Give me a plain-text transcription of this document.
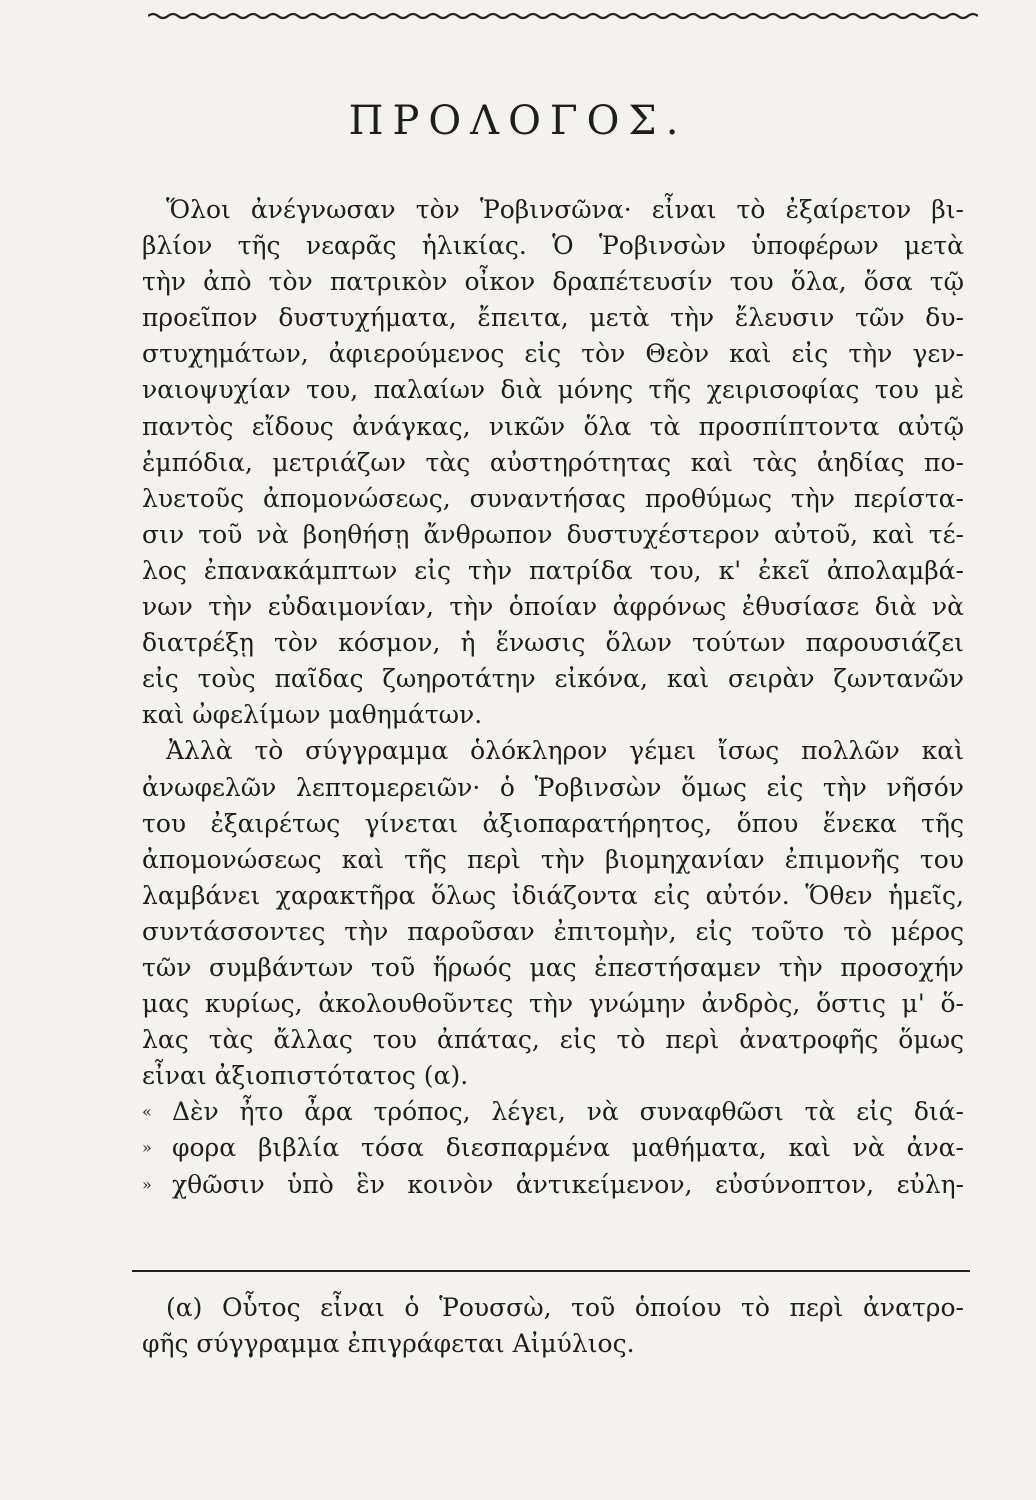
ΠΡΟΛΟΓΟΣ.
Ὅλοι ἀνέγνωσαν τὸν Ῥοβινσῶνα· εἶναι τὸ ἐξαίρετον βι-
βλίον τῆς νεαρᾶς ἡλικίας. Ὁ Ῥοβινσὼν ὑποφέρων μετὰ
τὴν ἀπὸ τὸν πατρικὸν οἶκον δραπέτευσίν του ὅλα, ὅσα τῷ
προεῖπον δυστυχήματα, ἔπειτα, μετὰ τὴν ἔλευσιν τῶν δυ-
στυχημάτων, ἀφιερούμενος εἰς τὸν Θεὸν καὶ εἰς τὴν γεν-
ναιοψυχίαν του, παλαίων διὰ μόνης τῆς χειρισοφίας του μὲ
παντὸς εἴδους ἀνάγκας, νικῶν ὅλα τὰ προσπίπτοντα αὐτῷ
ἐμπόδια, μετριάζων τὰς αὐστηρότητας καὶ τὰς ἀηδίας πο-
λυετοῦς ἀπομονώσεως, συναντήσας προθύμως τὴν περίστα-
σιν τοῦ νὰ βοηθήσῃ ἄνθρωπον δυστυχέστερον αὐτοῦ, καὶ τέ-
λος ἐπανακάμπτων εἰς τὴν πατρίδα του, κ' ἐκεῖ ἀπολαμβά-
νων τὴν εὐδαιμονίαν, τὴν ὁποίαν ἀφρόνως ἐθυσίασε διὰ νὰ
διατρέξῃ τὸν κόσμον, ἡ ἕνωσις ὅλων τούτων παρουσιάζει
εἰς τοὺς παῖδας ζωηροτάτην εἰκόνα, καὶ σειρὰν ζωντανῶν
καὶ ὠφελίμων μαθημάτων.
Ἀλλὰ τὸ σύγγραμμα ὁλόκληρον γέμει ἴσως πολλῶν καὶ
ἀνωφελῶν λεπτομερειῶν· ὁ Ῥοβινσὼν ὅμως εἰς τὴν νῆσόν
του ἐξαιρέτως γίνεται ἀξιοπαρατήρητος, ὅπου ἕνεκα τῆς
ἀπομονώσεως καὶ τῆς περὶ τὴν βιομηχανίαν ἐπιμονῆς του
λαμβάνει χαρακτῆρα ὅλως ἰδιάζοντα εἰς αὐτόν. Ὅθεν ἡμεῖς,
συντάσσοντες τὴν παροῦσαν ἐπιτομὴν, εἰς τοῦτο τὸ μέρος
τῶν συμβάντων τοῦ ἥρωός μας ἐπεστήσαμεν τὴν προσοχήν
μας κυρίως, ἀκολουθοῦντες τὴν γνώμην ἀνδρὸς, ὅστις μ' ὅ-
λας τὰς ἄλλας του ἀπάτας, εἰς τὸ περὶ ἀνατροφῆς ὅμως
εἶναι ἀξιοπιστότατος (α).
« Δὲν ἦτο ἆρα τρόπος, λέγει, νὰ συναφθῶσι τὰ εἰς διά-
» φορα βιβλία τόσα διεσπαρμένα μαθήματα, καὶ νὰ ἀνα-
» χθῶσιν ὑπὸ ἓν κοινὸν ἀντικείμενον, εὐσύνοπτον, εὐλη-
(α) Οὗτος εἶναι ὁ Ῥουσσὼ, τοῦ ὁποίου τὸ περὶ ἀνατρο-
φῆς σύγγραμμα ἐπιγράφεται Αἰμύλιος.
